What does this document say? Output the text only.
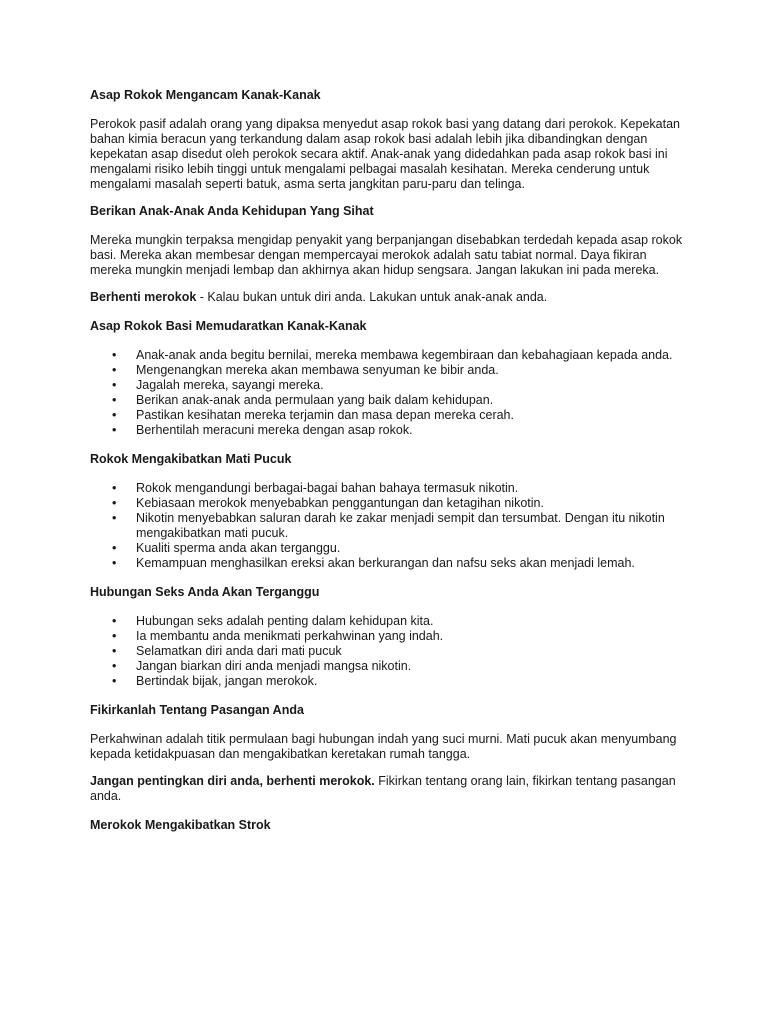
Asap Rokok Mengancam Kanak-Kanak
Perokok pasif adalah orang yang dipaksa menyedut asap rokok basi yang datang dari perokok. Kepekatan bahan kimia beracun yang terkandung dalam asap rokok basi adalah lebih jika dibandingkan dengan kepekatan asap disedut oleh perokok secara aktif. Anak-anak yang didedahkan pada asap rokok basi ini mengalami risiko lebih tinggi untuk mengalami pelbagai masalah kesihatan. Mereka cenderung untuk mengalami masalah seperti batuk, asma serta jangkitan paru-paru dan telinga.
Berikan Anak-Anak Anda Kehidupan Yang Sihat
Mereka mungkin terpaksa mengidap penyakit yang berpanjangan disebabkan terdedah kepada asap rokok basi. Mereka akan membesar dengan mempercayai merokok adalah satu tabiat normal. Daya fikiran mereka mungkin menjadi lembap dan akhirnya akan hidup sengsara. Jangan lakukan ini pada mereka.
Berhenti merokok - Kalau bukan untuk diri anda. Lakukan untuk anak-anak anda.
Asap Rokok Basi Memudaratkan Kanak-Kanak
• Anak-anak anda begitu bernilai, mereka membawa kegembiraan dan kebahagiaan kepada anda.
• Mengenangkan mereka akan membawa senyuman ke bibir anda.
• Jagalah mereka, sayangi mereka.
• Berikan anak-anak anda permulaan yang baik dalam kehidupan.
• Pastikan kesihatan mereka terjamin dan masa depan mereka cerah.
• Berhentilah meracuni mereka dengan asap rokok.
Rokok Mengakibatkan Mati Pucuk
• Rokok mengandungi berbagai-bagai bahan bahaya termasuk nikotin.
• Kebiasaan merokok menyebabkan penggantungan dan ketagihan nikotin.
• Nikotin menyebabkan saluran darah ke zakar menjadi sempit dan tersumbat. Dengan itu nikotin mengakibatkan mati pucuk.
• Kualiti sperma anda akan terganggu.
• Kemampuan menghasilkan ereksi akan berkurangan dan nafsu seks akan menjadi lemah.
Hubungan Seks Anda Akan Terganggu
• Hubungan seks adalah penting dalam kehidupan kita.
• Ia membantu anda menikmati perkahwinan yang indah.
• Selamatkan diri anda dari mati pucuk
• Jangan biarkan diri anda menjadi mangsa nikotin.
• Bertindak bijak, jangan merokok.
Fikirkanlah Tentang Pasangan Anda
Perkahwinan adalah titik permulaan bagi hubungan indah yang suci murni. Mati pucuk akan menyumbang kepada ketidakpuasan dan mengakibatkan keretakan rumah tangga.
Jangan pentingkan diri anda, berhenti merokok. Fikirkan tentang orang lain, fikirkan tentang pasangan anda.
Merokok Mengakibatkan Strok
